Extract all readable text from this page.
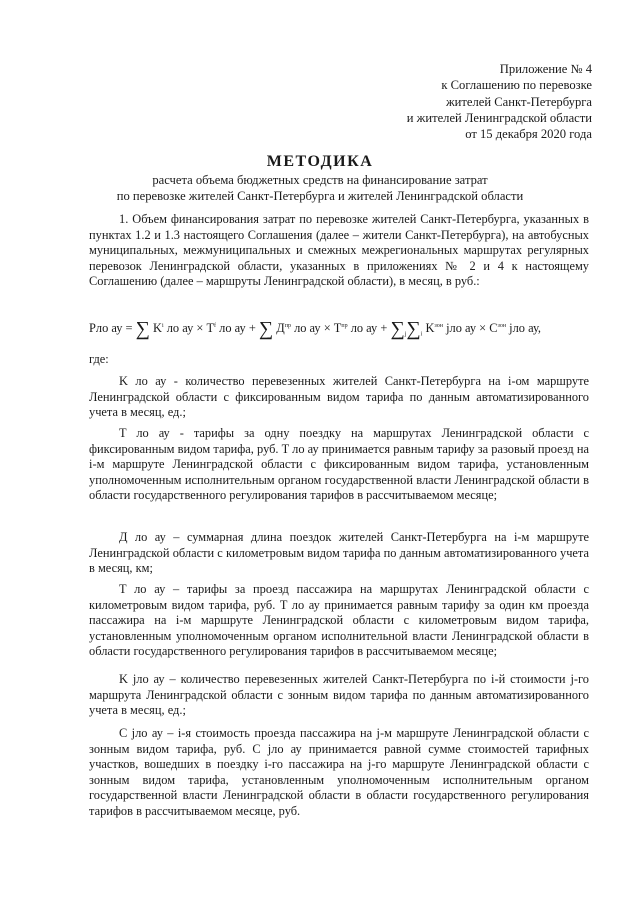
Приложение № 4
к Соглашению по перевозке
жителей Санкт-Петербурга
и жителей Ленинградской области
от 15 декабря 2020 года
МЕТОДИКА
расчета объема бюджетных средств на финансирование затрат
по перевозке жителей Санкт-Петербурга и жителей Ленинградской области

1. Объем финансирования затрат по перевозке жителей Санкт-Петербурга, указанных в пунктах 1.2 и 1.3 настоящего Соглашения (далее – жители Санкт-Петербурга), на автобусных муниципальных, межмуниципальных и смежных межрегиональных маршрутах регулярных перевозок Ленинградской области, указанных в приложениях № 2 и 4 к настоящему Соглашению (далее – маршруты Ленинградской области), в месяц, в руб.:

Рло ау = ∑ $K^i$ ло ау × $T^f$ ло ау + ∑ $Д^{пр}$ ло ау × $T^{пр}$ ло ау + $\sum_j\sum_i$ $K^{зон}$ jло ау × $C^{зон}$ jло ау,
где:

K ло ау - количество перевезенных жителей Санкт-Петербурга на i-ом маршруте Ленинградской области с фиксированным видом тарифа по данным автоматизированного учета в месяц, ед.;

T ло ау - тарифы за одну поездку на маршрутах Ленинградской области с фиксированным видом тарифа, руб. T ло ау принимается равным тарифу за разовый проезд на i-м маршруте Ленинградской области с фиксированным видом тарифа, установленным уполномоченным исполнительным органом государственной власти Ленинградской области в области государственного регулирования тарифов в рассчитываемом месяце;

Д ло ау – суммарная длина поездок жителей Санкт-Петербурга на i-м маршруте Ленинградской области с километровым видом тарифа по данным автоматизированного учета в месяц, км;

T ло ау – тарифы за проезд пассажира на маршрутах Ленинградской области с километровым видом тарифа, руб. T ло ау принимается равным тарифу за один км проезда пассажира на i-м маршруте Ленинградской области с километровым видом тарифа, установленным уполномоченным органом исполнительной власти Ленинградской области в области государственного регулирования тарифов в рассчитываемом месяце;

K jло ау – количество перевезенных жителей Санкт-Петербурга по i-й стоимости j-го маршрута Ленинградской области с зонным видом тарифа по данным автоматизированного учета в месяц, ед.;

C jло ау – i-я стоимость проезда пассажира на j-м маршруте Ленинградской области с зонным видом тарифа, руб. C jло ау принимается равной сумме стоимостей тарифных участков, вошедших в поездку i-го пассажира на j-го маршруте Ленинградской области с зонным видом тарифа, установленным уполномоченным исполнительным органом государственной власти Ленинградской области в области государственного регулирования тарифов в рассчитываемом месяце, руб.
